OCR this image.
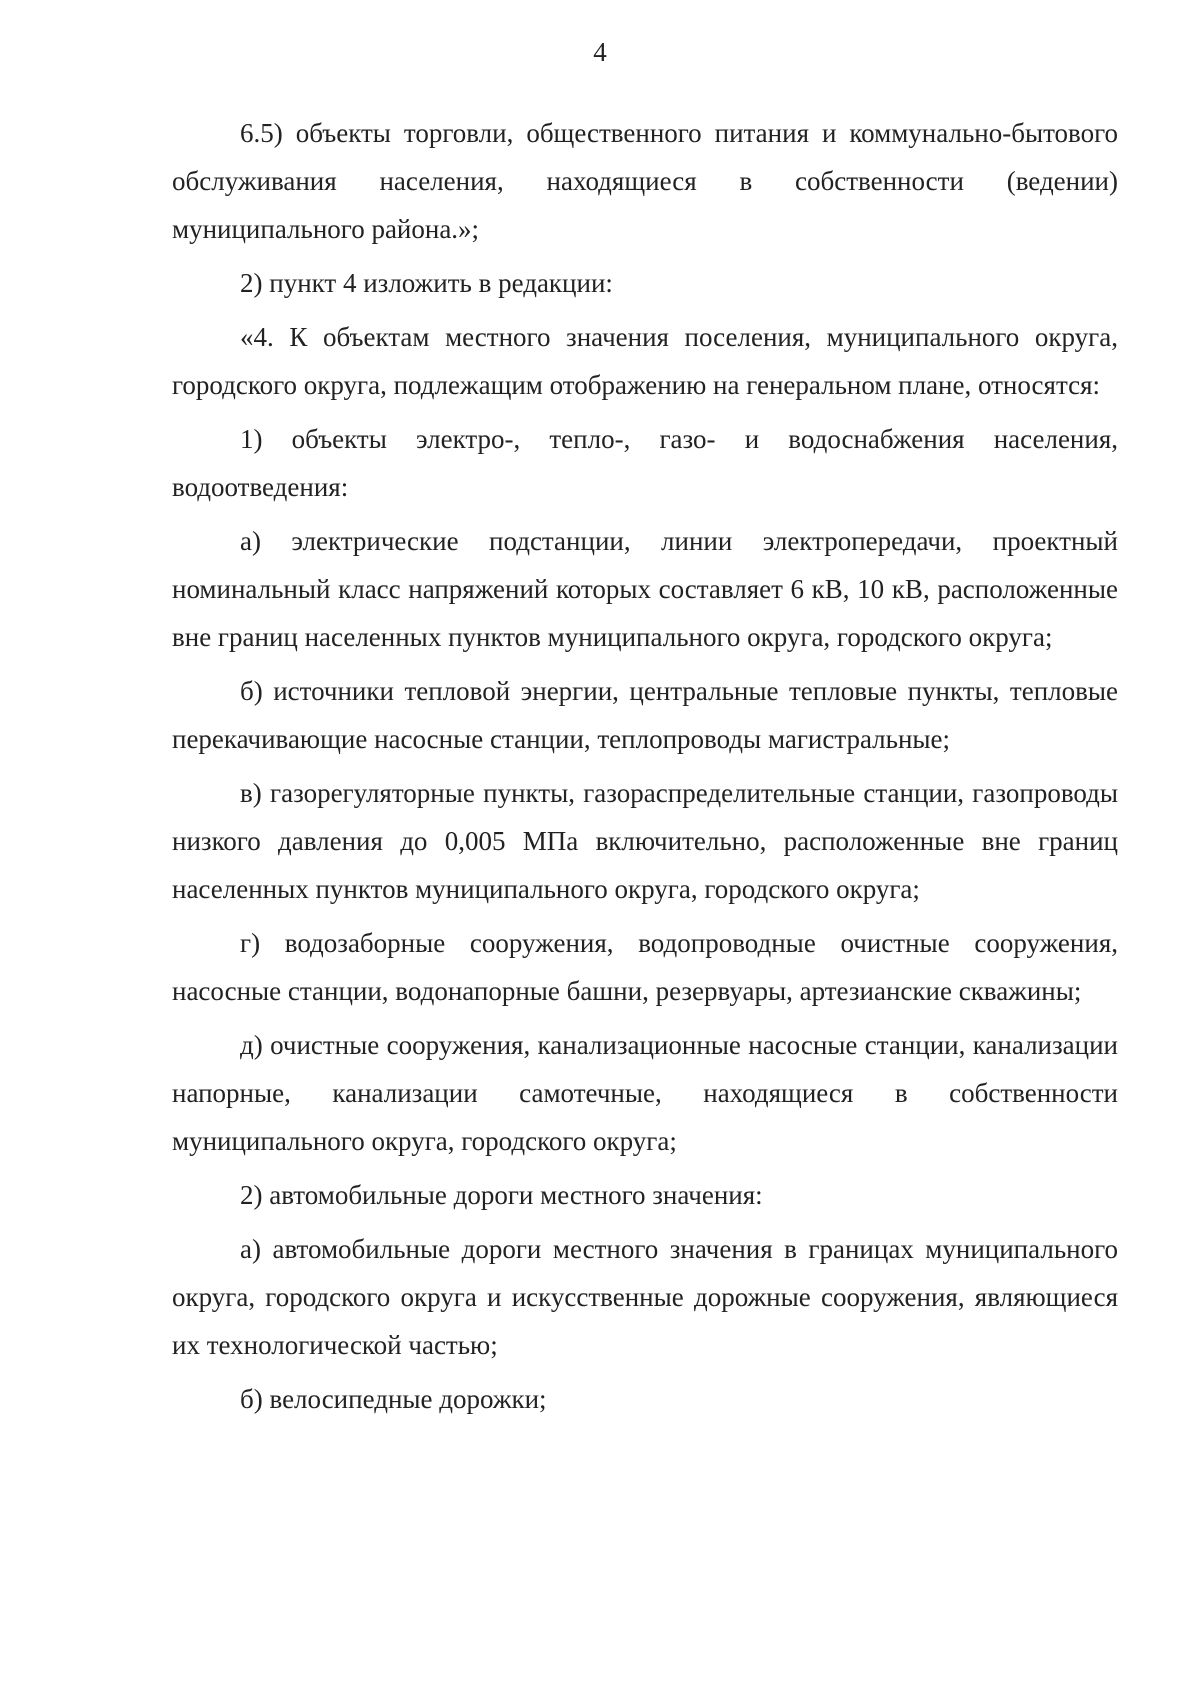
4

6.5) объекты торговли, общественного питания и коммунально-бытового обслуживания населения, находящиеся в собственности (ведении) муниципального района.»;

2) пункт 4 изложить в редакции:

«4. К объектам местного значения поселения, муниципального округа, городского округа, подлежащим отображению на генеральном плане, относятся:

1) объекты электро-, тепло-, газо- и водоснабжения населения, водоотведения:

а) электрические подстанции, линии электропередачи, проектный номинальный класс напряжений которых составляет 6 кВ, 10 кВ, расположенные вне границ населенных пунктов муниципального округа, городского округа;

б) источники тепловой энергии, центральные тепловые пункты, тепловые перекачивающие насосные станции, теплопроводы магистральные;

в) газорегуляторные пункты, газораспределительные станции, газопроводы низкого давления до 0,005 МПа включительно, расположенные вне границ населенных пунктов муниципального округа, городского округа;

г) водозаборные сооружения, водопроводные очистные сооружения, насосные станции, водонапорные башни, резервуары, артезианские скважины;

д) очистные сооружения, канализационные насосные станции, канализации напорные, канализации самотечные, находящиеся в собственности муниципального округа, городского округа;

2) автомобильные дороги местного значения:

а) автомобильные дороги местного значения в границах муниципального округа, городского округа и искусственные дорожные сооружения, являющиеся их технологической частью;

б) велосипедные дорожки;
